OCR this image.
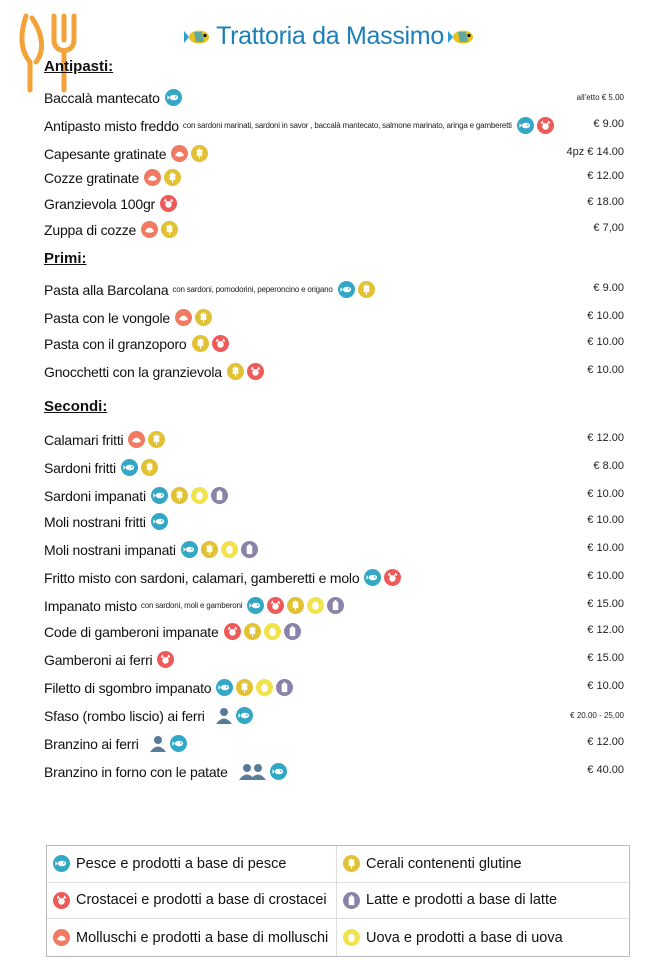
Trattoria da Massimo
Antipasti:
Baccalà mantecato	all'etto € 5.00
Antipasto misto freddo con sardoni marinati, sardoni in savor , baccalà mantecato, salmone marinato, aringa e gamberetti	€ 9.00
Capesante gratinate	4pz € 14.00
Cozze gratinate	€ 12.00
Granzievola 100gr	€ 18.00
Zuppa di cozze	€ 7,00
Primi:
Pasta alla Barcolana con sardoni, pomodorini, peperoncino e origano	€ 9.00
Pasta con le vongole	€ 10.00
Pasta con il granzoporo	€ 10.00
Gnocchetti con la granzievola	€ 10.00
Secondi:
Calamari fritti	€ 12.00
Sardoni fritti	€ 8.00
Sardoni impanati	€ 10.00
Moli nostrani fritti	€ 10.00
Moli nostrani impanati	€ 10.00
Fritto misto con sardoni, calamari, gamberetti e molo	€ 10.00
Impanato misto con sardoni, moli e gamberoni	€ 15.00
Code di gamberoni impanate	€ 12.00
Gamberoni ai ferri	€ 15.00
Filetto di sgombro impanato	€ 10.00
Sfaso (rombo liscio) ai ferri	€ 20.00 - 25,00
Branzino ai ferri	€ 12.00
Branzino in forno con le patate	€ 40.00
Pesce e prodotti a base di pesce	Cerali contenenti glutine
Crostacei e prodotti a base di crostacei	Latte e prodotti a base di latte
Molluschi e prodotti a base di molluschi	Uova e prodotti a base di uova
